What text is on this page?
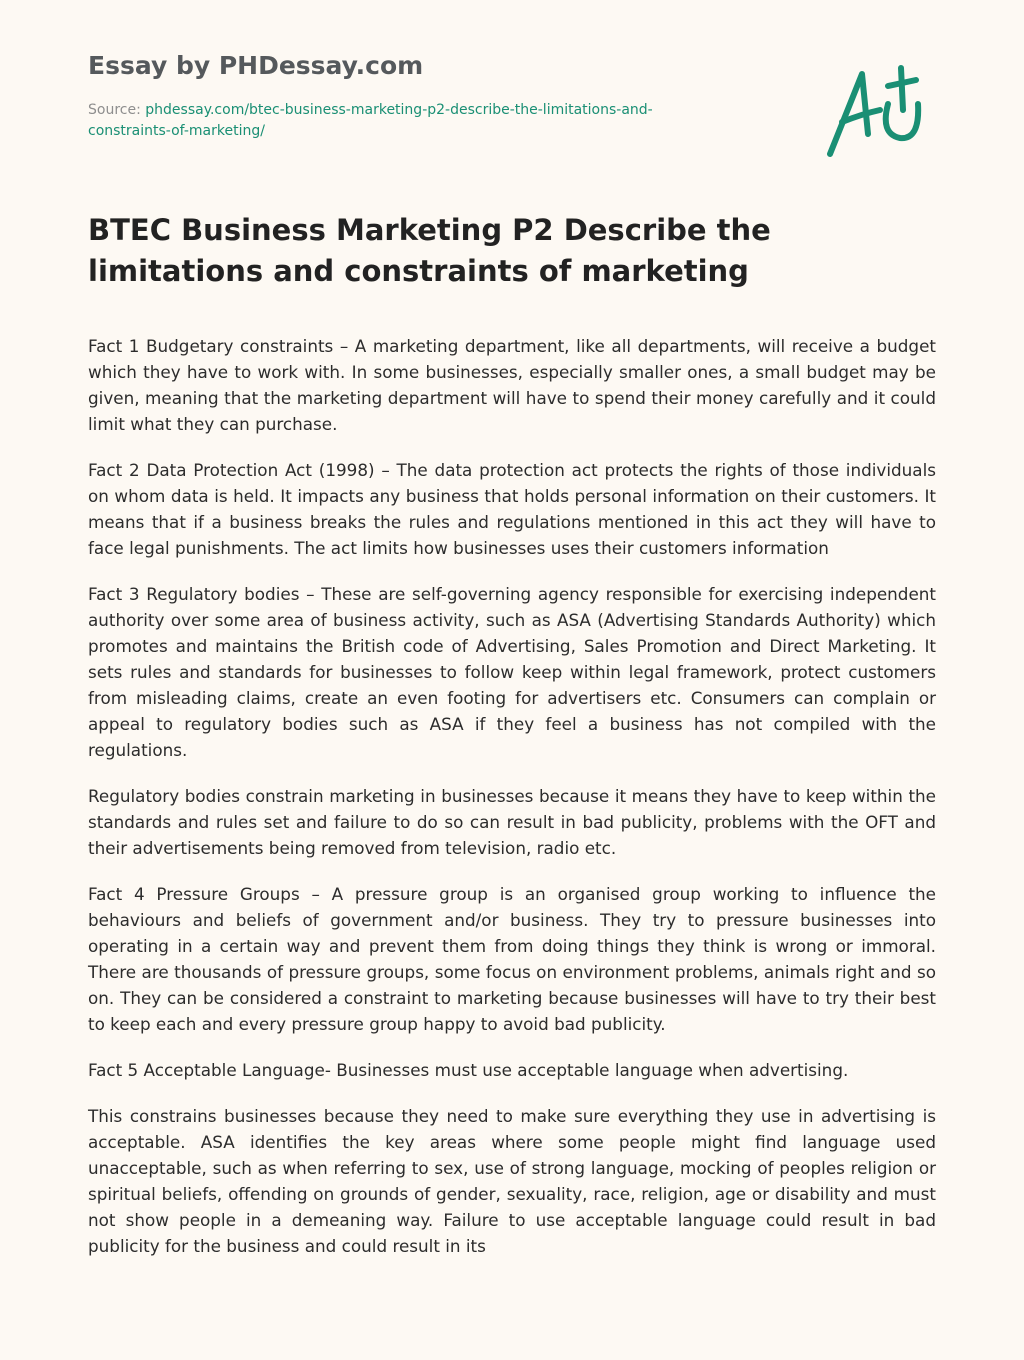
Essay by PHDessay.com
Source: phdessay.com/btec-business-marketing-p2-describe-the-limitations-and-constraints-of-marketing/
BTEC Business Marketing P2 Describe the limitations and constraints of marketing

Fact 1 Budgetary constraints – A marketing department, like all departments, will receive a budget which they have to work with. In some businesses, especially smaller ones, a small budget may be given, meaning that the marketing department will have to spend their money carefully and it could limit what they can purchase.

Fact 2 Data Protection Act (1998) – The data protection act protects the rights of those individuals on whom data is held. It impacts any business that holds personal information on their customers. It means that if a business breaks the rules and regulations mentioned in this act they will have to face legal punishments. The act limits how businesses uses their customers information

Fact 3 Regulatory bodies – These are self-governing agency responsible for exercising independent authority over some area of business activity, such as ASA (Advertising Standards Authority) which promotes and maintains the British code of Advertising, Sales Promotion and Direct Marketing. It sets rules and standards for businesses to follow keep within legal framework, protect customers from misleading claims, create an even footing for advertisers etc. Consumers can complain or appeal to regulatory bodies such as ASA if they feel a business has not compiled with the regulations.

Regulatory bodies constrain marketing in businesses because it means they have to keep within the standards and rules set and failure to do so can result in bad publicity, problems with the OFT and their advertisements being removed from television, radio etc.

Fact 4 Pressure Groups – A pressure group is an organised group working to influence the behaviours and beliefs of government and/or business. They try to pressure businesses into operating in a certain way and prevent them from doing things they think is wrong or immoral. There are thousands of pressure groups, some focus on environment problems, animals right and so on. They can be considered a constraint to marketing because businesses will have to try their best to keep each and every pressure group happy to avoid bad publicity.

Fact 5 Acceptable Language- Businesses must use acceptable language when advertising.

This constrains businesses because they need to make sure everything they use in advertising is acceptable. ASA identifies the key areas where some people might find language used unacceptable, such as when referring to sex, use of strong language, mocking of peoples religion or spiritual beliefs, offending on grounds of gender, sexuality, race, religion, age or disability and must not show people in a demeaning way. Failure to use acceptable language could result in bad publicity for the business and could result in its
